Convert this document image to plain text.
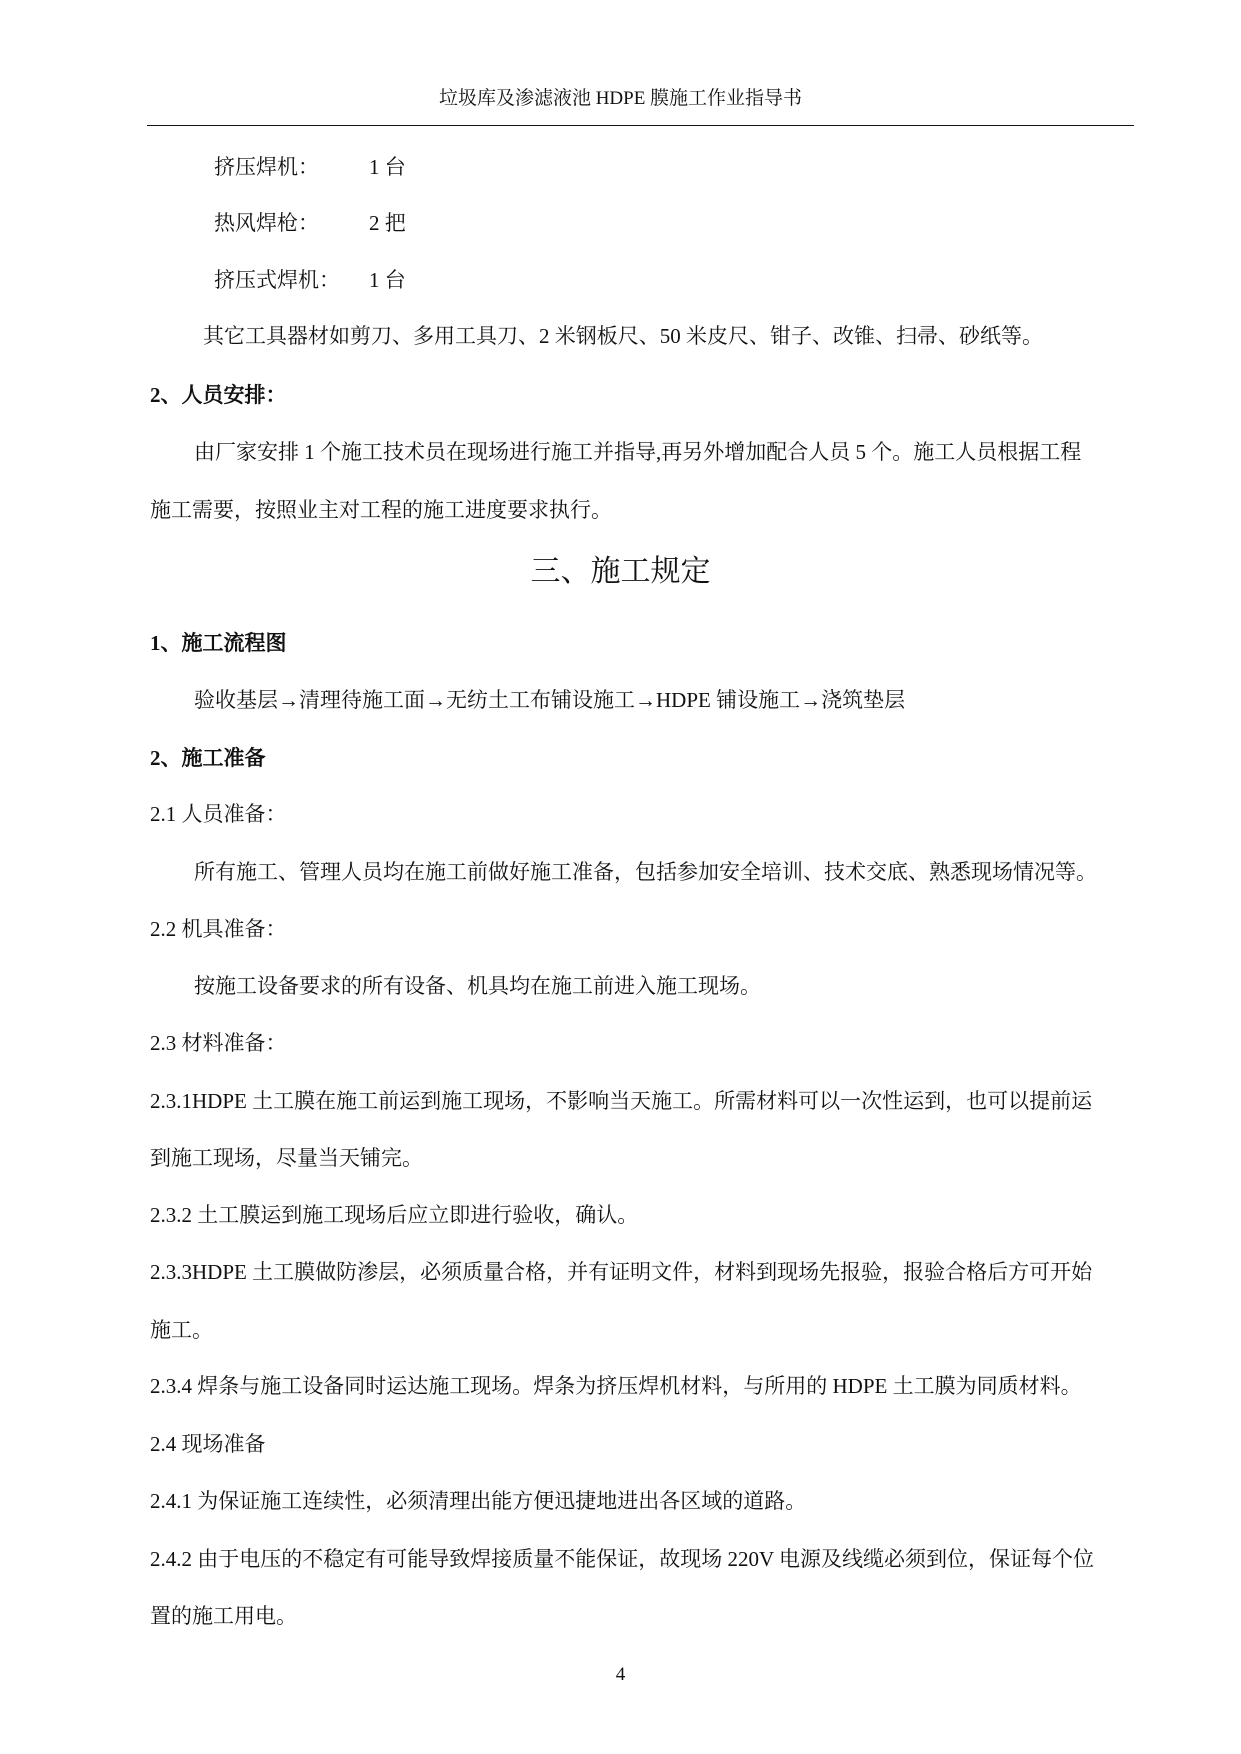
垃圾库及渗滤液池 HDPE 膜施工作业指导书
挤压焊机： 1 台
热风焊枪： 2 把
挤压式焊机： 1 台
其它工具器材如剪刀、多用工具刀、2 米钢板尺、50 米皮尺、钳子、改锥、扫帚、砂纸等。
2、人员安排：
由厂家安排 1 个施工技术员在现场进行施工并指导,再另外增加配合人员 5 个。施工人员根据工程
施工需要，按照业主对工程的施工进度要求执行。
三、施工规定
1、施工流程图
验收基层→清理待施工面→无纺土工布铺设施工→HDPE 铺设施工→浇筑垫层
2、施工准备
2.1 人员准备：
所有施工、管理人员均在施工前做好施工准备，包括参加安全培训、技术交底、熟悉现场情况等。
2.2 机具准备：
按施工设备要求的所有设备、机具均在施工前进入施工现场。
2.3 材料准备：
2.3.1HDPE 土工膜在施工前运到施工现场，不影响当天施工。所需材料可以一次性运到，也可以提前运
到施工现场，尽量当天铺完。
2.3.2 土工膜运到施工现场后应立即进行验收，确认。
2.3.3HDPE 土工膜做防渗层，必须质量合格，并有证明文件，材料到现场先报验，报验合格后方可开始
施工。
2.3.4 焊条与施工设备同时运达施工现场。焊条为挤压焊机材料，与所用的 HDPE 土工膜为同质材料。
2.4 现场准备
2.4.1 为保证施工连续性，必须清理出能方便迅捷地进出各区域的道路。
2.4.2 由于电压的不稳定有可能导致焊接质量不能保证，故现场 220V 电源及线缆必须到位，保证每个位
置的施工用电。
4
